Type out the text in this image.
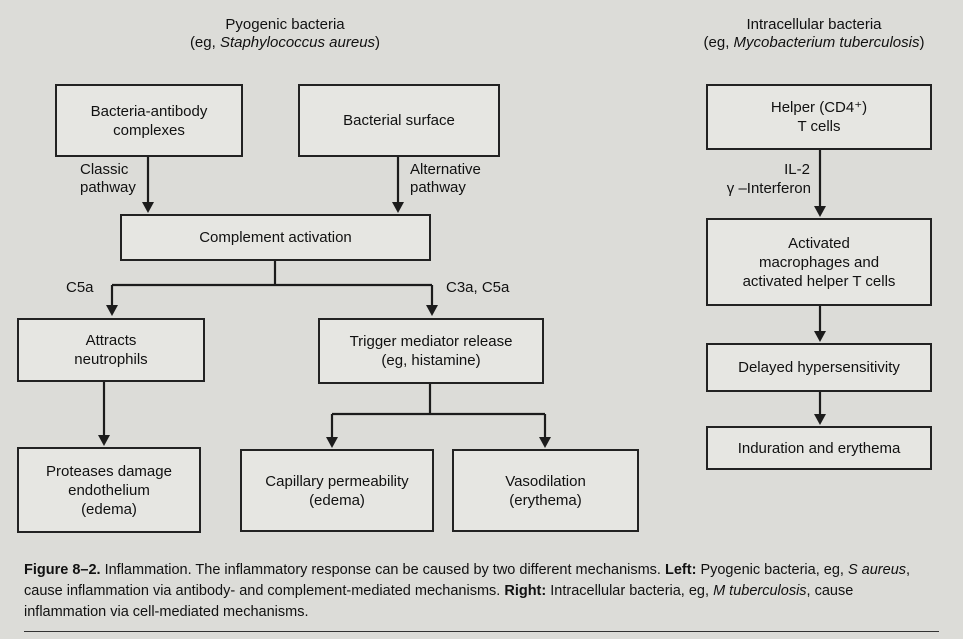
Pyogenic bacteria
(eg, Staphylococcus aureus)
Intracellular bacteria
(eg, Mycobacterium tuberculosis)
Bacteria-antibody
complexes
Bacterial surface
Complement activation
Attracts
neutrophils
Trigger mediator release
(eg, histamine)
Proteases damage
endothelium
(edema)
Capillary permeability
(edema)
Vasodilation
(erythema)
Helper (CD4⁺)
T cells
Activated
macrophages and
activated helper T cells
Delayed hypersensitivity
Induration and erythema
Classic
pathway
Alternative
pathway
C5a	C3a, C5a
IL-2
γ –Interferon
Figure 8–2. Inflammation. The inflammatory response can be caused by two different mechanisms. Left: Pyogenic bacteria, eg, S aureus, cause inflammation via antibody- and complement-mediated mechanisms. Right: Intracellular bacteria, eg, M tuberculosis, cause inflammation via cell-mediated mechanisms.
